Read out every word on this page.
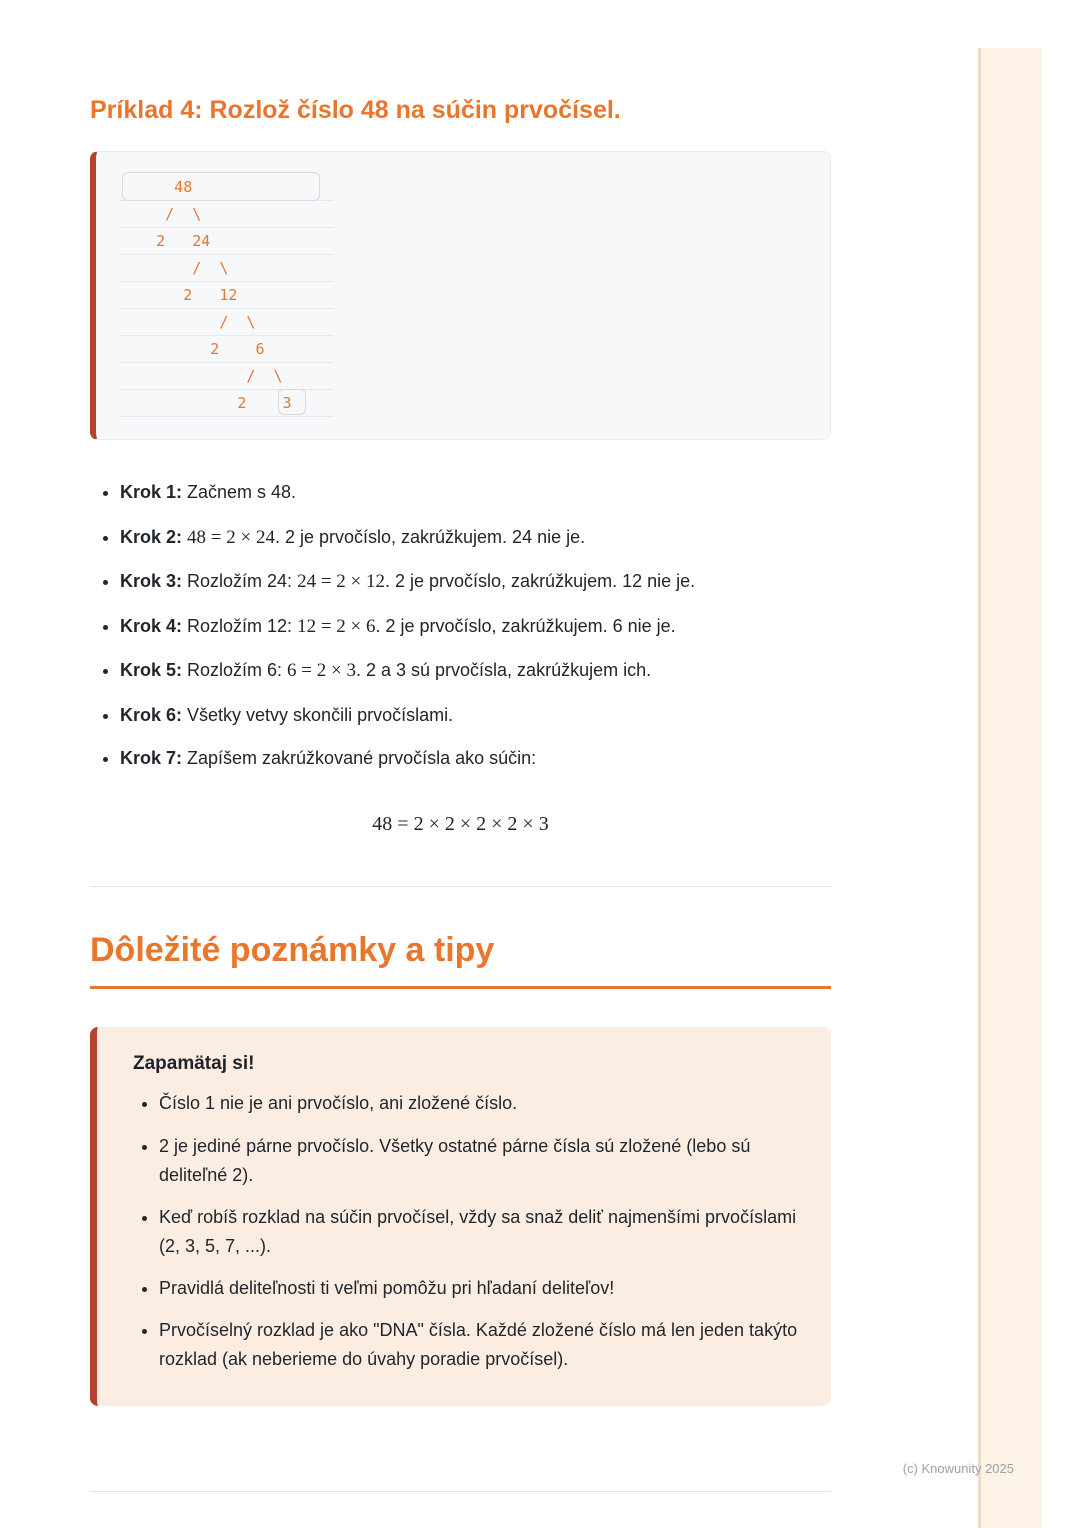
Príklad 4: Rozlož číslo 48 na súčin prvočísel.
48
/  \
2   24
/  \
2   12
/  \
2    6
/  \
2    3
• Krok 1: Začnem s 48.
• Krok 2: 48 = 2 × 24. 2 je prvočíslo, zakrúžkujem. 24 nie je.
• Krok 3: Rozložím 24: 24 = 2 × 12. 2 je prvočíslo, zakrúžkujem. 12 nie je.
• Krok 4: Rozložím 12: 12 = 2 × 6. 2 je prvočíslo, zakrúžkujem. 6 nie je.
• Krok 5: Rozložím 6: 6 = 2 × 3. 2 a 3 sú prvočísla, zakrúžkujem ich.
• Krok 6: Všetky vetvy skončili prvočíslami.
• Krok 7: Zapíšem zakrúžkované prvočísla ako súčin:
48 = 2 × 2 × 2 × 2 × 3
Dôležité poznámky a tipy
Zapamätaj si!
• Číslo 1 nie je ani prvočíslo, ani zložené číslo.
• 2 je jediné párne prvočíslo. Všetky ostatné párne čísla sú zložené (lebo sú deliteľné 2).
• Keď robíš rozklad na súčin prvočísel, vždy sa snaž deliť najmenšími prvočíslami (2, 3, 5, 7, ...).
• Pravidlá deliteľnosti ti veľmi pomôžu pri hľadaní deliteľov!
• Prvočíselný rozklad je ako "DNA" čísla. Každé zložené číslo má len jeden takýto rozklad (ak neberieme do úvahy poradie prvočísel).
(c) Knowunity 2025
